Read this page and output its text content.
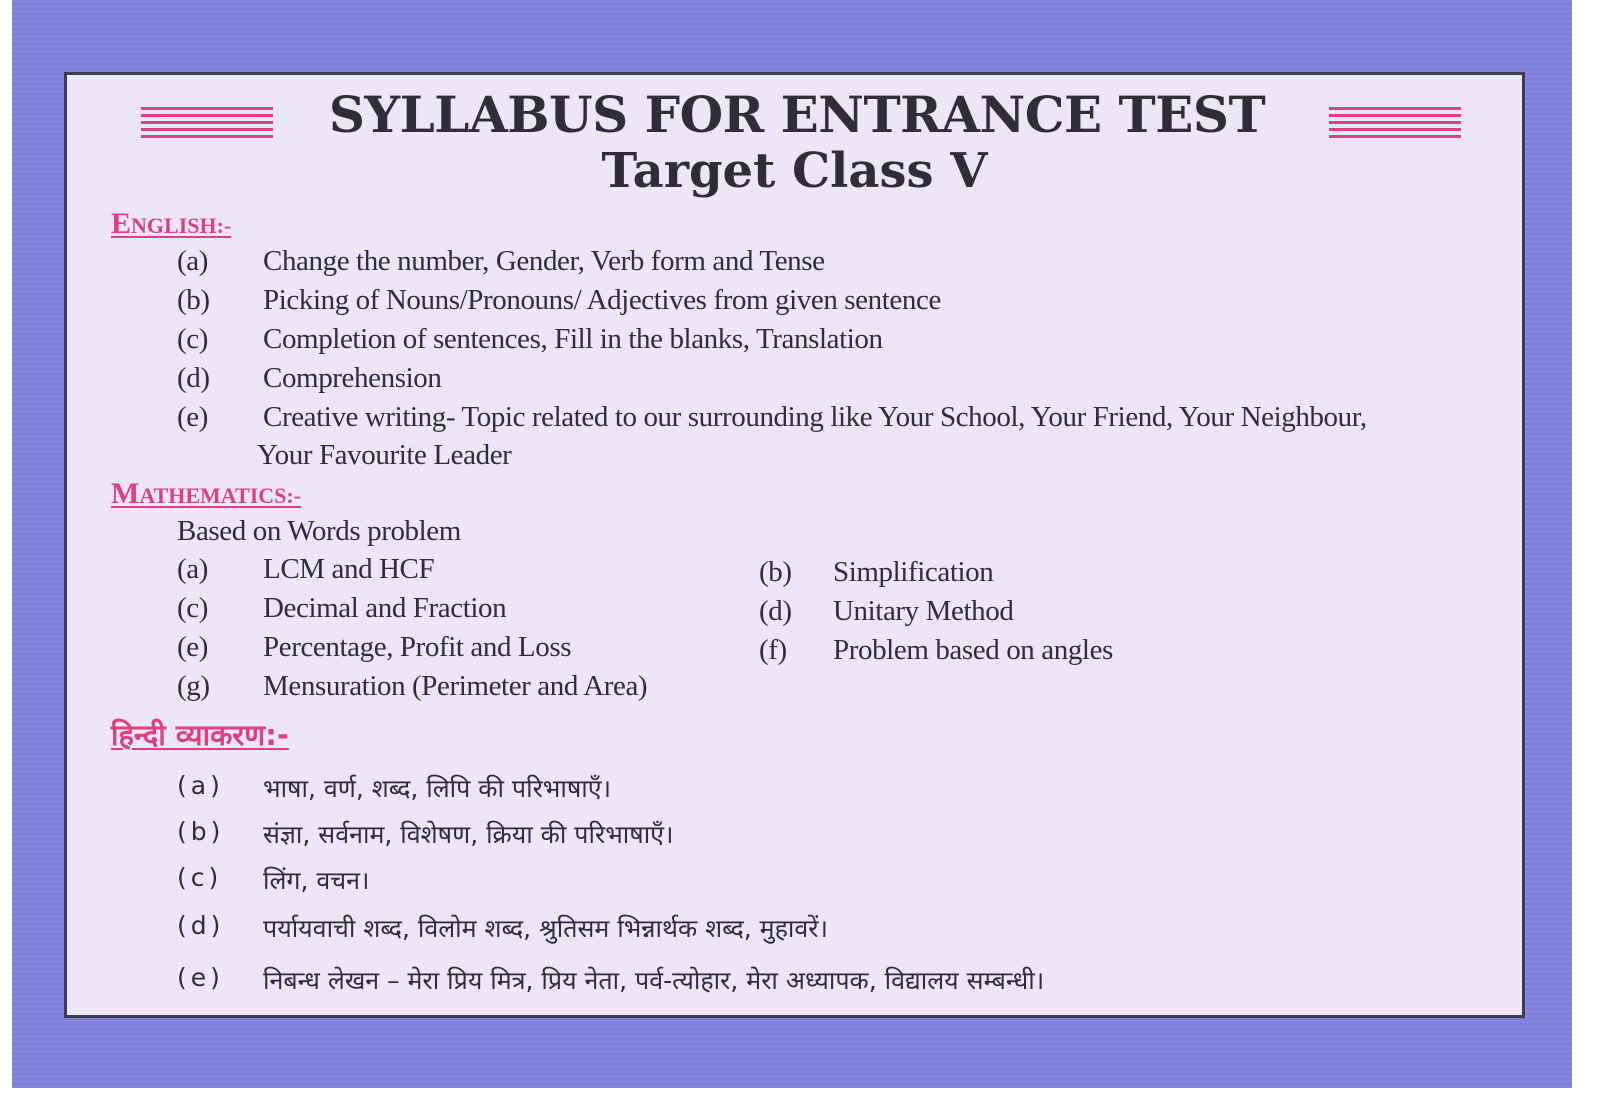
SYLLABUS FOR ENTRANCE TEST
Target Class V
ENGLISH:-
(a) Change the number, Gender, Verb form and Tense
(b) Picking of Nouns/Pronouns/ Adjectives from given sentence
(c) Completion of sentences, Fill in the blanks, Translation
(d) Comprehension
(e) Creative writing- Topic related to our surrounding like Your School, Your Friend, Your Neighbour,
Your Favourite Leader
MATHEMATICS:-
Based on Words problem
(a) LCM and HCF	(b) Simplification
(c) Decimal and Fraction	(d) Unitary Method
(e) Percentage, Profit and Loss	(f) Problem based on angles
(g) Mensuration (Perimeter and Area)
हिन्दी व्याकरण:-
(a) भाषा, वर्ण, शब्द, लिपि की परिभाषाएँ।
(b) संज्ञा, सर्वनाम, विशेषण, क्रिया की परिभाषाएँ।
(c) लिंग, वचन।
(d) पर्यायवाची शब्द, विलोम शब्द, श्रुतिसम भिन्नार्थक शब्द, मुहावरें।
(e) निबन्ध लेखन – मेरा प्रिय मित्र, प्रिय नेता, पर्व-त्योहार, मेरा अध्यापक, विद्यालय सम्बन्धी।
